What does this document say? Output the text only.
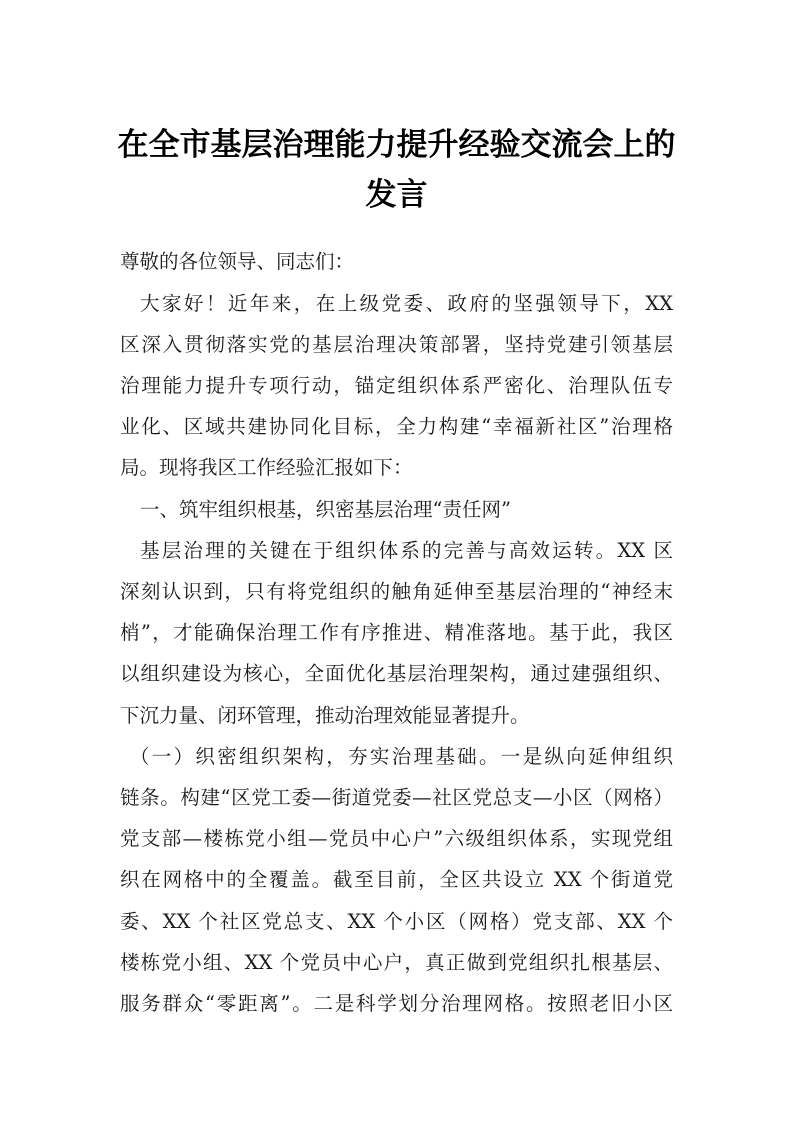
在全市基层治理能力提升经验交流会上的
发言
尊敬的各位领导、同志们：
大家好！近年来，在上级党委、政府的坚强领导下，XX
区深入贯彻落实党的基层治理决策部署，坚持党建引领基层
治理能力提升专项行动，锚定组织体系严密化、治理队伍专
业化、区域共建协同化目标，全力构建“幸福新社区”治理格
局。现将我区工作经验汇报如下：
一、筑牢组织根基，织密基层治理“责任网”
基层治理的关键在于组织体系的完善与高效运转。XX 区
深刻认识到，只有将党组织的触角延伸至基层治理的“神经末
梢”，才能确保治理工作有序推进、精准落地。基于此，我区
以组织建设为核心，全面优化基层治理架构，通过建强组织、
下沉力量、闭环管理，推动治理效能显著提升。
（一）织密组织架构，夯实治理基础。一是纵向延伸组织
链条。构建“区党工委—街道党委—社区党总支—小区（网格）
党支部—楼栋党小组—党员中心户”六级组织体系，实现党组
织在网格中的全覆盖。截至目前，全区共设立 XX 个街道党
委、XX 个社区党总支、XX 个小区（网格）党支部、XX 个
楼栋党小组、XX 个党员中心户，真正做到党组织扎根基层、
服务群众“零距离”。二是科学划分治理网格。按照老旧小区
